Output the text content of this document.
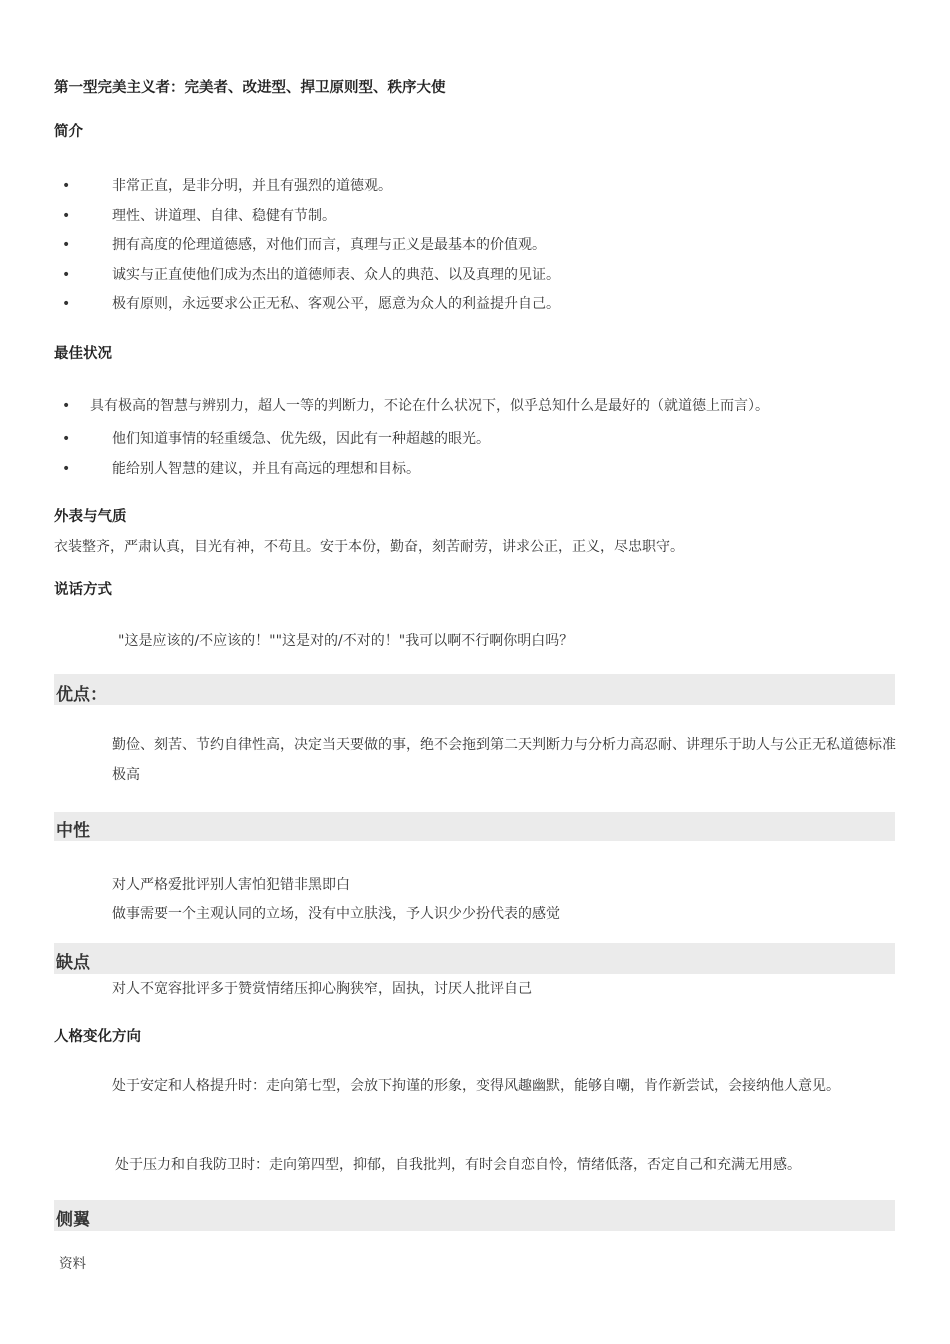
第一型完美主义者：完美者、改进型、捍卫原则型、秩序大使
简介
•	非常正直，是非分明，并且有强烈的道德观。
•	理性、讲道理、自律、稳健有节制。
•	拥有高度的伦理道德感，对他们而言，真理与正义是最基本的价值观。
•	诚实与正直使他们成为杰出的道德师表、众人的典范、以及真理的见证。
•	极有原则，永远要求公正无私、客观公平，愿意为众人的利益提升自己。
最佳状况
• 具有极高的智慧与辨别力，超人一等的判断力，不论在什么状况下，似乎总知什么是最好的（就道德上而言）。
•	他们知道事情的轻重缓急、优先级，因此有一种超越的眼光。
•	能给别人智慧的建议，并且有高远的理想和目标。
外表与气质
衣装整齐，严肃认真，目光有神，不苟且。安于本份，勤奋，刻苦耐劳，讲求公正，正义，尽忠职守。
说话方式
"这是应该的/不应该的！""这是对的/不对的！"我可以啊不行啊你明白吗？
优点：
勤俭、刻苦、节约自律性高，决定当天要做的事，绝不会拖到第二天判断力与分析力高忍耐、讲理乐于助人与公正无私道德标准极高
中性
对人严格爱批评别人害怕犯错非黑即白
做事需要一个主观认同的立场，没有中立肤浅，予人识少少扮代表的感觉
缺点
对人不宽容批评多于赞赏情绪压抑心胸狭窄，固执，讨厌人批评自己
人格变化方向
处于安定和人格提升时：走向第七型，会放下拘谨的形象，变得风趣幽默，能够自嘲，肯作新尝试，会接纳他人意见。
处于压力和自我防卫时：走向第四型，抑郁，自我批判，有时会自恋自怜，情绪低落，否定自己和充满无用感。
侧翼
资料
